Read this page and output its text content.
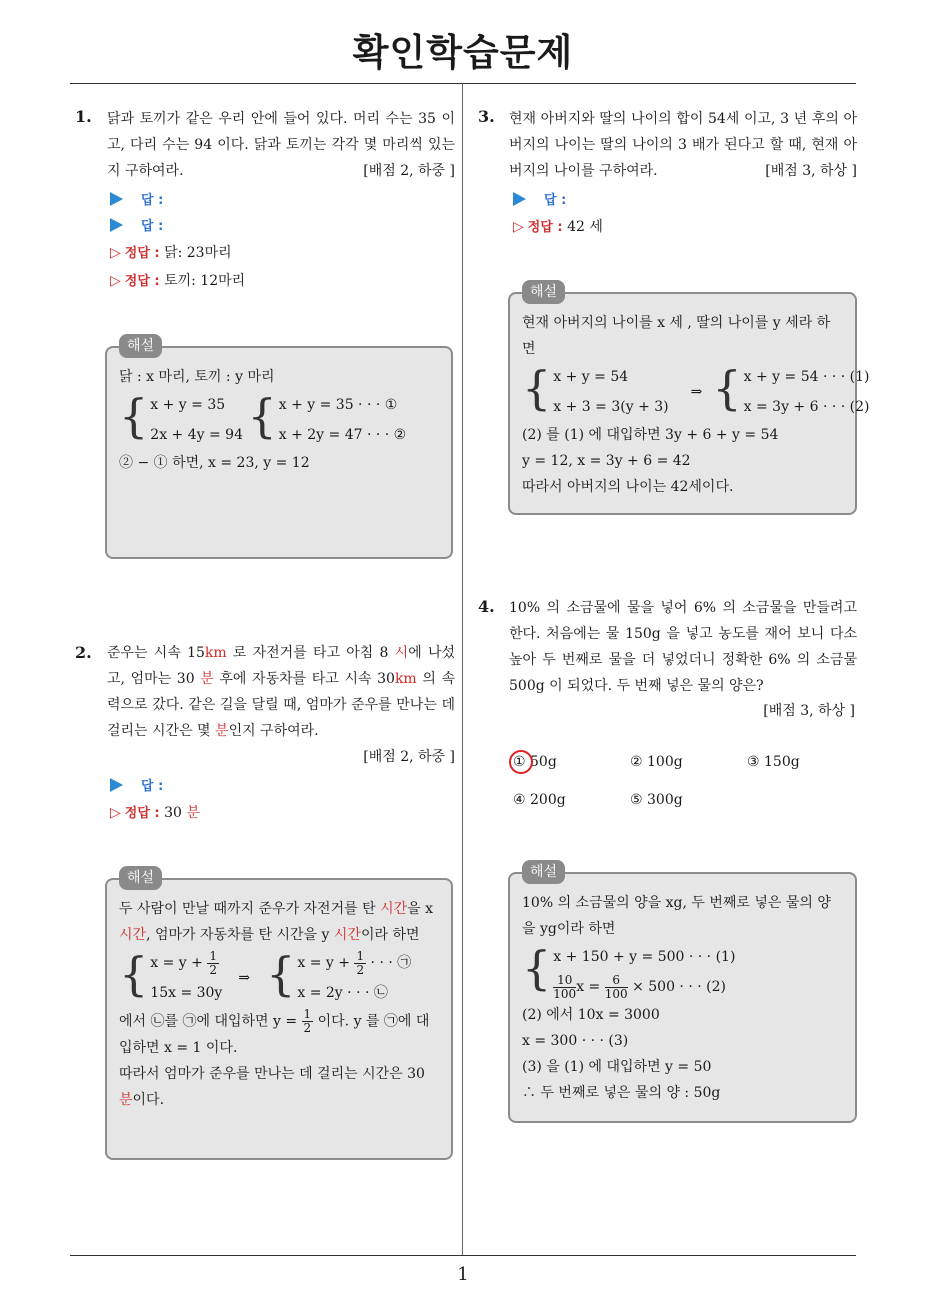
확인학습문제
1. 닭과 토끼가 같은 우리 안에 들어 있다. 머리 수는 35 이고, 다리 수는 94 이다. 닭과 토끼는 각각 몇 마리씩 있는지 구하여라.	[배점 2, 하중 ]
답 :
답 :
▷ 정답 : 닭: 23마리
▷ 정답 : 토끼: 12마리
해설
닭 : x 마리, 토끼 : y 마리
{ x + y = 35
2x + 4y = 94
{ x + y = 35 · · · ①
x + 2y = 47 · · · ②
② − ① 하면, x = 23, y = 12
2. 준우는 시속 15km 로 자전거를 타고 아침 8 시에 나섰고, 엄마는 30 분 후에 자동차를 타고 시속 30km 의 속력으로 갔다. 같은 길을 달릴 때, 엄마가 준우를 만나는 데 걸리는 시간은 몇 분인지 구하여라.
[배점 2, 하중 ]
답 :
▷ 정답 : 30 분
해설
두 사람이 만날 때까지 준우가 자전거를 탄 시간을 x 시간, 엄마가 자동차를 탄 시간을 y 시간이라 하면
{ $x = y + \frac{1}{2}$
15x = 30y
⇒ { $x = y + \frac{1}{2}$ · · · ㉠
x = 2y · · · ㉡
에서 ㉡를 ㉠에 대입하면 $y = \frac{1}{2}$ 이다. y 를 ㉠에 대입하면 x = 1 이다.
따라서 엄마가 준우를 만나는 데 걸리는 시간은 30 분이다.
3. 현재 아버지와 딸의 나이의 합이 54세 이고, 3 년 후의 아버지의 나이는 딸의 나이의 3 배가 된다고 할 때, 현재 아버지의 나이를 구하여라.	[배점 3, 하상 ]
답 :
▷ 정답 : 42 세
해설
현재 아버지의 나이를 x 세 , 딸의 나이를 y 세라 하면
{ x + y = 54
x + 3 = 3(y + 3)
⇒ { x + y = 54 · · · (1)
x = 3y + 6 · · · (2)
(2) 를 (1) 에 대입하면 3y + 6 + y = 54
y = 12, x = 3y + 6 = 42
따라서 아버지의 나이는 42세이다.
4. 10% 의 소금물에 물을 넣어 6% 의 소금물을 만들려고 한다. 처음에는 물 150g 을 넣고 농도를 재어 보니 다소 높아 두 번째로 물을 더 넣었더니 정확한 6% 의 소금물 500g 이 되었다. 두 번째 넣은 물의 양은?
[배점 3, 하상 ]
① 50g	② 100g	③ 150g
④ 200g	⑤ 300g
해설
10% 의 소금물의 양을 xg, 두 번째로 넣은 물의 양을 yg이라 하면
{ x + 150 + y = 500 · · · (1)
$\frac{10}{100}$ $x = \frac{6}{100} \times 500$ · · · (2)
(2) 에서 10x = 3000
x = 300 · · · (3)
(3) 을 (1) 에 대입하면 y = 50
∴ 두 번째로 넣은 물의 양 : 50g
1
